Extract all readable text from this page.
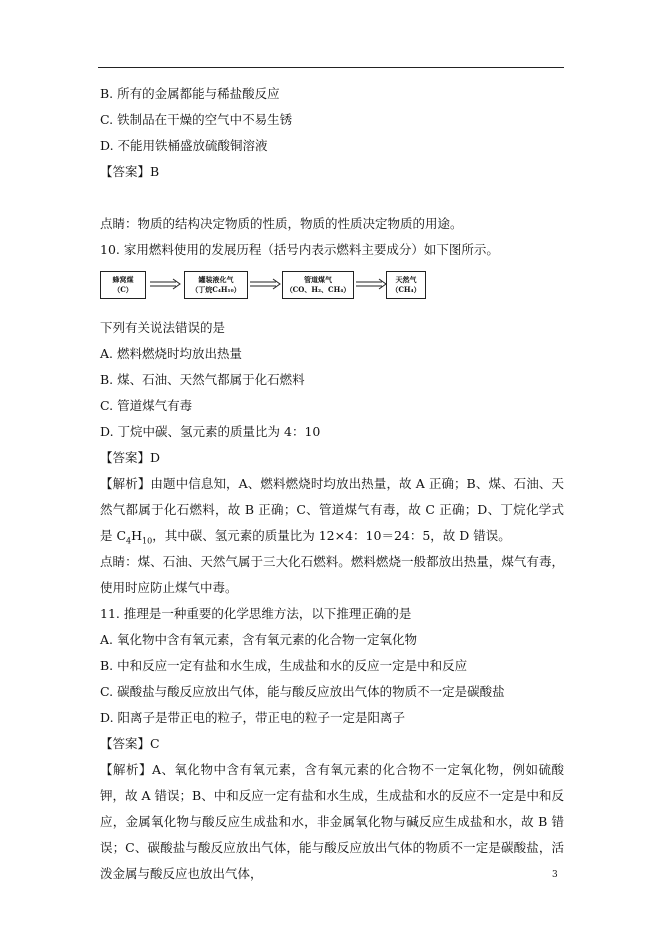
B. 所有的金属都能与稀盐酸反应
C. 铁制品在干燥的空气中不易生锈
D. 不能用铁桶盛放硫酸铜溶液
【答案】B
点睛：物质的结构决定物质的性质，物质的性质决定物质的用途。
10. 家用燃料使用的发展历程（括号内表示燃料主要成分）如下图所示。
蜂窝煤
（C）
罐装液化气
（丁烷C₄H₁₀）
管道煤气
（CO、H₂、CH₄）
天然气
（CH₄）
下列有关说法错误的是
A. 燃料燃烧时均放出热量
B. 煤、石油、天然气都属于化石燃料
C. 管道煤气有毒
D. 丁烷中碳、氢元素的质量比为 4：10
【答案】D
【解析】由题中信息知，A、燃料燃烧时均放出热量，故 A 正确；B、煤、石油、天然气都属于化石燃料，故 B 正确；C、管道煤气有毒，故 C 正确；D、丁烷化学式是 $C_4H_{10}$，其中碳、氢元素的质量比为 12×4：10＝24：5，故 D 错误。
点睛：煤、石油、天然气属于三大化石燃料。燃料燃烧一般都放出热量，煤气有毒，使用时应防止煤气中毒。
11. 推理是一种重要的化学思维方法，以下推理正确的是
A. 氧化物中含有氧元素，含有氧元素的化合物一定氧化物
B. 中和反应一定有盐和水生成，生成盐和水的反应一定是中和反应
C. 碳酸盐与酸反应放出气体，能与酸反应放出气体的物质不一定是碳酸盐
D. 阳离子是带正电的粒子，带正电的粒子一定是阳离子
【答案】C
【解析】A、氧化物中含有氧元素，含有氧元素的化合物不一定氧化物，例如硫酸钾，故 A 错误；B、中和反应一定有盐和水生成，生成盐和水的反应不一定是中和反应，金属氧化物与酸反应生成盐和水，非金属氧化物与碱反应生成盐和水，故 B 错误；C、碳酸盐与酸反应放出气体，能与酸反应放出气体的物质不一定是碳酸盐，活泼金属与酸反应也放出气体，	3
